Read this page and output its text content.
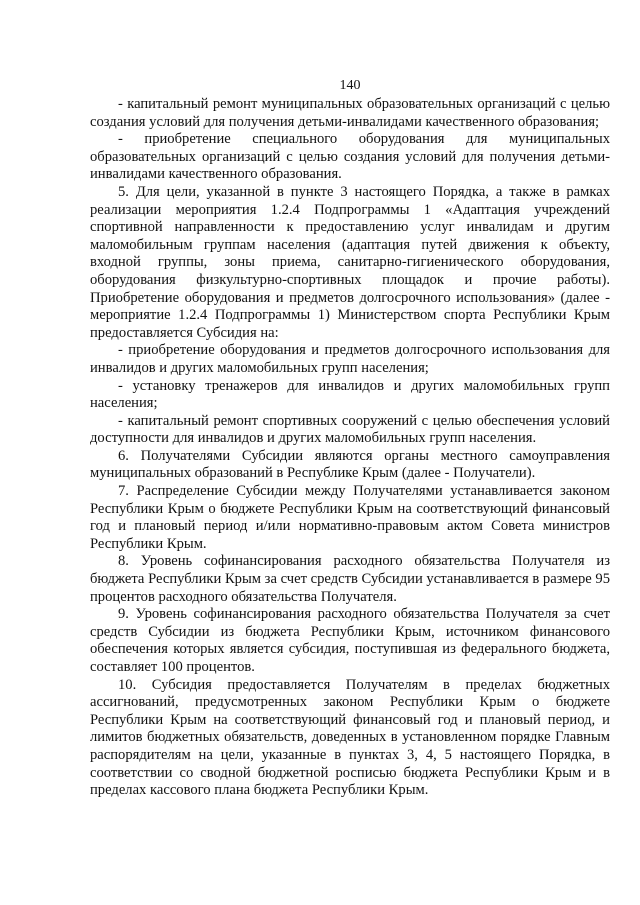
140

- капитальный ремонт муниципальных образовательных организаций с целью создания условий для получения детьми-инвалидами качественного образования;

- приобретение специального оборудования для муниципальных образовательных организаций с целью создания условий для получения детьми-инвалидами качественного образования.

5. Для цели, указанной в пункте 3 настоящего Порядка, а также в рамках реализации мероприятия 1.2.4 Подпрограммы 1 «Адаптация учреждений спортивной направленности к предоставлению услуг инвалидам и другим маломобильным группам населения (адаптация путей движения к объекту, входной группы, зоны приема, санитарно-гигиенического оборудования, оборудования физкультурно-спортивных площадок и прочие работы). Приобретение оборудования и предметов долгосрочного использования» (далее - мероприятие 1.2.4 Подпрограммы 1) Министерством спорта Республики Крым предоставляется Субсидия на:

- приобретение оборудования и предметов долгосрочного использования для инвалидов и других маломобильных групп населения;

- установку тренажеров для инвалидов и других маломобильных групп населения;

- капитальный ремонт спортивных сооружений с целью обеспечения условий доступности для инвалидов и других маломобильных групп населения.

6. Получателями Субсидии являются органы местного самоуправления муниципальных образований в Республике Крым (далее - Получатели).

7. Распределение Субсидии между Получателями устанавливается законом Республики Крым о бюджете Республики Крым на соответствующий финансовый год и плановый период и/или нормативно-правовым актом Совета министров Республики Крым.

8. Уровень софинансирования расходного обязательства Получателя из бюджета Республики Крым за счет средств Субсидии устанавливается в размере 95 процентов расходного обязательства Получателя.

9. Уровень софинансирования расходного обязательства Получателя за счет средств Субсидии из бюджета Республики Крым, источником финансового обеспечения которых является субсидия, поступившая из федерального бюджета, составляет 100 процентов.

10. Субсидия предоставляется Получателям в пределах бюджетных ассигнований, предусмотренных законом Республики Крым о бюджете Республики Крым на соответствующий финансовый год и плановый период, и лимитов бюджетных обязательств, доведенных в установленном порядке Главным распорядителям на цели, указанные в пунктах 3, 4, 5 настоящего Порядка, в соответствии со сводной бюджетной росписью бюджета Республики Крым и в пределах кассового плана бюджета Республики Крым.
